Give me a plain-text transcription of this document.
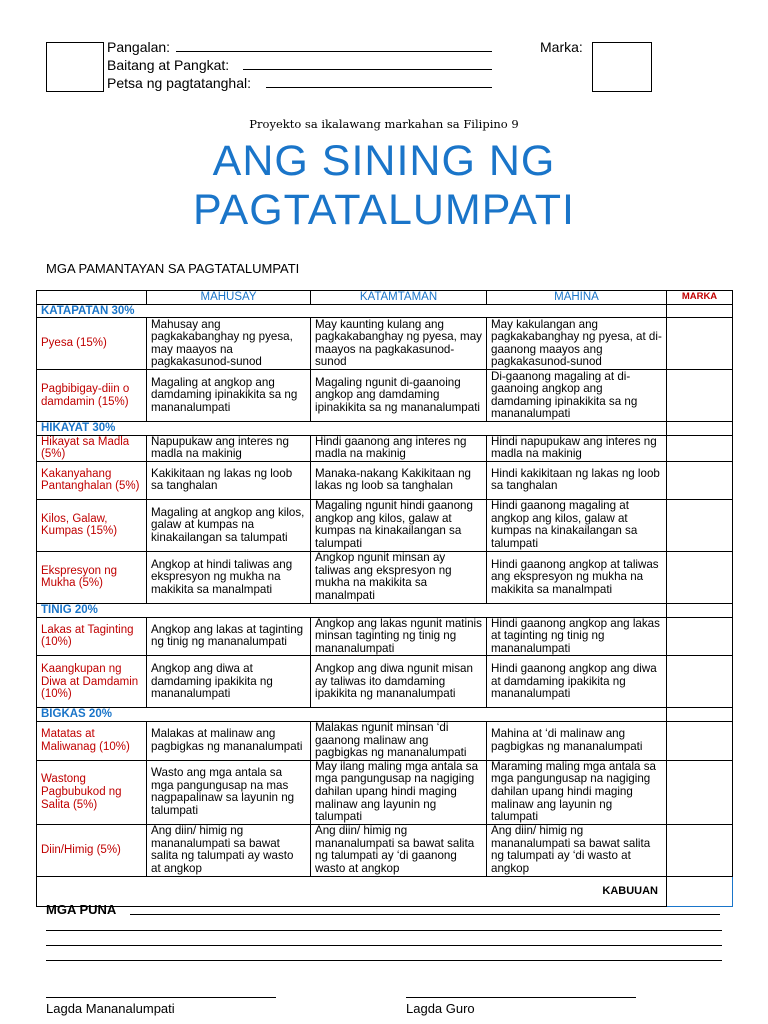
Pangalan:
Baitang at Pangkat:
Petsa ng pagtatanghal:
Marka:
Proyekto sa ikalawang markahan sa Filipino 9
ANG SINING NG
PAGTATALUMPATI
MGA PAMANTAYAN SA PAGTATALUMPATI
	MAHUSAY	KATAMTAMAN	MAHINA	MARKA
KATAPATAN 30%				
Pyesa (15%)	Mahusay ang pagkakabanghay ng pyesa, may maayos na pagkakasunod-sunod	May kaunting kulang ang pagkakabanghay ng pyesa, may maayos na pagkakasunod-sunod	May kakulangan ang pagkakabanghay ng pyesa, at di-gaanong maayos ang pagkakasunod-sunod	
Pagbibigay-diin o damdamin (15%)	Magaling at angkop ang damdaming ipinakikita sa ng mananalumpati	Magaling ngunit di-gaanoing angkop ang damdaming ipinakikita sa ng mananalumpati	Di-gaanong magaling at di-gaanoing angkop ang damdaming ipinakikita sa ng mananalumpati	
HIKAYAT 30%				
Hikayat sa Madla (5%)	Napupukaw ang interes ng madla na makinig	Hindi gaanong ang interes ng madla na makinig	Hindi napupukaw ang interes ng madla na makinig	
Kakanyahang Pantanghalan (5%)	Kakikitaan ng lakas ng loob sa tanghalan	Manaka-nakang Kakikitaan ng lakas ng loob sa tanghalan	Hindi kakikitaan ng lakas ng loob sa tanghalan	
Kilos, Galaw, Kumpas (15%)	Magaling at angkop ang kilos, galaw at kumpas na kinakailangan sa talumpati	Magaling ngunit hindi gaanong angkop ang kilos, galaw at kumpas na kinakailangan sa talumpati	Hindi gaanong magaling at angkop ang kilos, galaw at kumpas na kinakailangan sa talumpati	
Ekspresyon ng Mukha (5%)	Angkop at hindi taliwas ang ekspresyon ng mukha na makikita sa manalmpati	Angkop ngunit minsan ay taliwas ang ekspresyon ng mukha na makikita sa manalmpati	Hindi gaanong angkop at taliwas ang ekspresyon ng mukha na makikita sa manalmpati	
TINIG 20%				
Lakas at Taginting (10%)	Angkop ang lakas at taginting ng tinig ng mananalumpati	Angkop ang lakas ngunit matinis minsan taginting ng tinig ng mananalumpati	Hindi gaanong angkop ang lakas at taginting ng tinig ng mananalumpati	
Kaangkupan ng Diwa at Damdamin (10%)	Angkop ang diwa at damdaming ipakikita ng mananalumpati	Angkop ang diwa ngunit misan ay taliwas ito damdaming ipakikita ng mananalumpati	Hindi gaanong angkop ang diwa at damdaming ipakikita ng mananalumpati	
BIGKAS 20%				
Matatas at Maliwanag (10%)	Malakas at malinaw ang pagbigkas ng mananalumpati	Malakas ngunit minsan ‘di gaanong malinaw ang pagbigkas ng mananalumpati	Mahina at ‘di malinaw ang pagbigkas ng mananalumpati	
Wastong Pagbubukod ng Salita (5%)	Wasto ang mga antala sa mga pangungusap na mas nagpapalinaw sa layunin ng talumpati	May ilang maling mga antala sa mga pangungusap na nagiging dahilan upang hindi maging malinaw ang layunin ng talumpati	Maraming maling mga antala sa mga pangungusap na nagiging dahilan upang hindi maging malinaw ang layunin ng talumpati	
Diin/Himig (5%)	Ang diin/ himig ng mananalumpati sa bawat salita ng talumpati ay wasto at angkop	Ang diin/ himig ng mananalumpati sa bawat salita ng talumpati ay ‘di gaanong wasto at angkop	Ang diin/ himig ng mananalumpati sa bawat salita ng talumpati ay ‘di wasto at angkop	
KABUUAN				
MGA PUNA
Lagda Mananalumpati	Lagda Guro
